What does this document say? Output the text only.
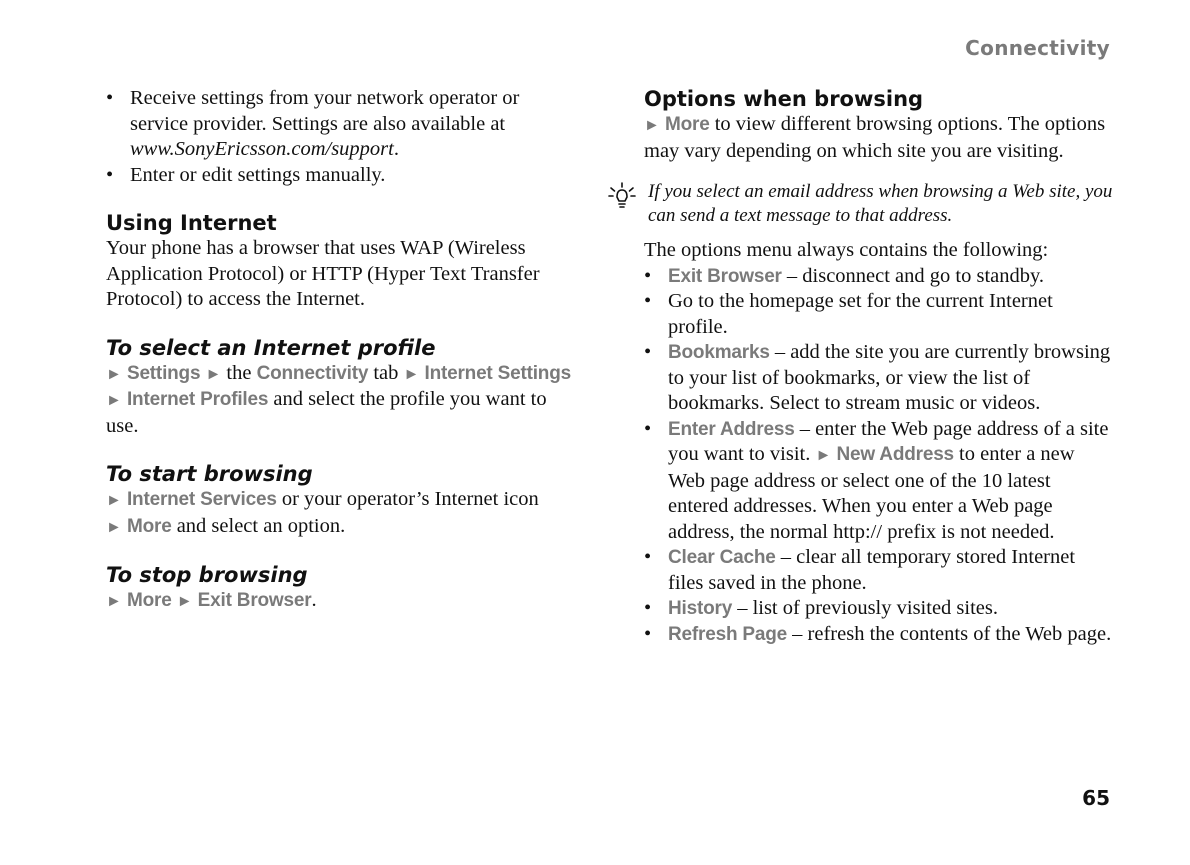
Connectivity
• Receive settings from your network operator or service provider. Settings are also available at www.SonyEricsson.com/support.
• Enter or edit settings manually.
Using Internet

Your phone has a browser that uses WAP (Wireless Application Protocol) or HTTP (Hyper Text Transfer Protocol) to access the Internet.

To select an Internet profile

► Settings ► the Connectivity tab ► Internet Settings ► Internet Profiles and select the profile you want to use.

To start browsing

► Internet Services or your operator’s Internet icon
► More and select an option.

To stop browsing

► More ► Exit Browser.

Options when browsing

► More to view different browsing options. The options may vary depending on which site you are visiting.

If you select an email address when browsing a Web site, you can send a text message to that address.

The options menu always contains the following:

• Exit Browser – disconnect and go to standby.
• Go to the homepage set for the current Internet profile.
• Bookmarks – add the site you are currently browsing to your list of bookmarks, or view the list of bookmarks. Select to stream music or videos.
• Enter Address – enter the Web page address of a site you want to visit. ► New Address to enter a new Web page address or select one of the 10 latest entered addresses. When you enter a Web page address, the normal http:// prefix is not needed.
• Clear Cache – clear all temporary stored Internet files saved in the phone.
• History – list of previously visited sites.
• Refresh Page – refresh the contents of the Web page.
65
